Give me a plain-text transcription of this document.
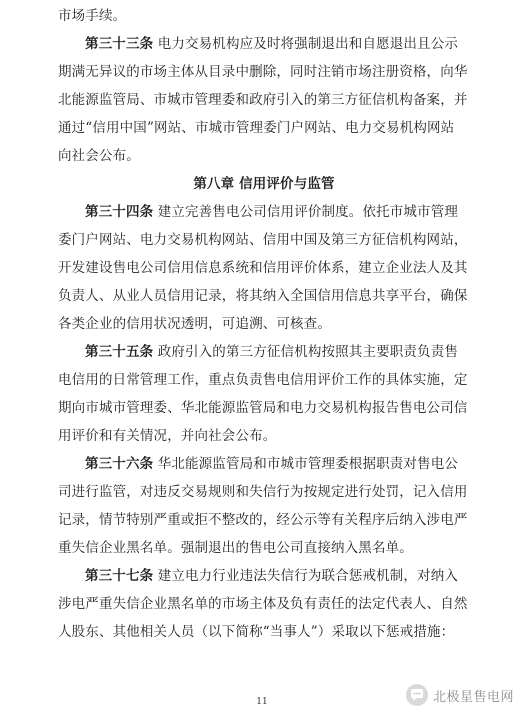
市场手续。
第三十三条 电力交易机构应及时将强制退出和自愿退出且公示
期满无异议的市场主体从目录中删除，同时注销市场注册资格，向华
北能源监管局、市城市管理委和政府引入的第三方征信机构备案，并
通过“信用中国”网站、市城市管理委门户网站、电力交易机构网站
向社会公布。
第八章 信用评价与监管
第三十四条 建立完善售电公司信用评价制度。依托市城市管理
委门户网站、电力交易机构网站、信用中国及第三方征信机构网站，
开发建设售电公司信用信息系统和信用评价体系，建立企业法人及其
负责人、从业人员信用记录，将其纳入全国信用信息共享平台，确保
各类企业的信用状况透明，可追溯、可核查。
第三十五条 政府引入的第三方征信机构按照其主要职责负责售
电信用的日常管理工作，重点负责售电信用评价工作的具体实施，定
期向市城市管理委、华北能源监管局和电力交易机构报告售电公司信
用评价和有关情况，并向社会公布。
第三十六条 华北能源监管局和市城市管理委根据职责对售电公
司进行监管，对违反交易规则和失信行为按规定进行处罚，记入信用
记录，情节特别严重或拒不整改的，经公示等有关程序后纳入涉电严
重失信企业黑名单。强制退出的售电公司直接纳入黑名单。
第三十七条 建立电力行业违法失信行为联合惩戒机制，对纳入
涉电严重失信企业黑名单的市场主体及负有责任的法定代表人、自然
人股东、其他相关人员（以下简称“当事人”）采取以下惩戒措施：
11	北极星售电网
